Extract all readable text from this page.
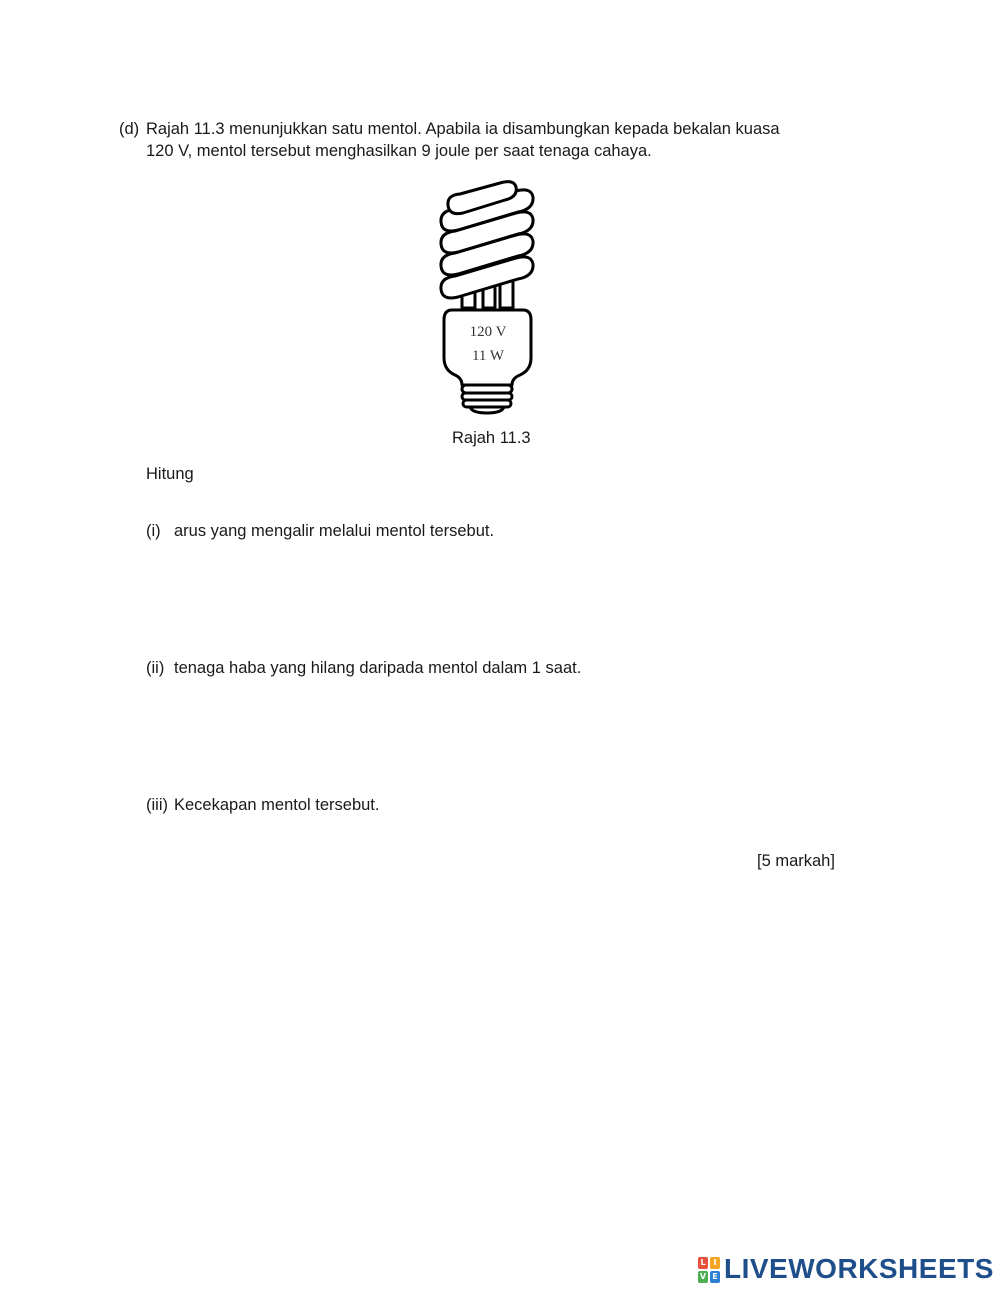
(d) Rajah 11.3 menunjukkan satu mentol. Apabila ia disambungkan kepada bekalan kuasa
120 V, mentol tersebut menghasilkan 9 joule per saat tenaga cahaya.
120 V
11 W
Rajah 11.3
Hitung
(i) arus yang mengalir melalui mentol tersebut.
(ii) tenaga haba yang hilang daripada mentol dalam 1 saat.
(iii) Kecekapan mentol tersebut.
[5 markah]
L I
V E LIVEWORKSHEETS
